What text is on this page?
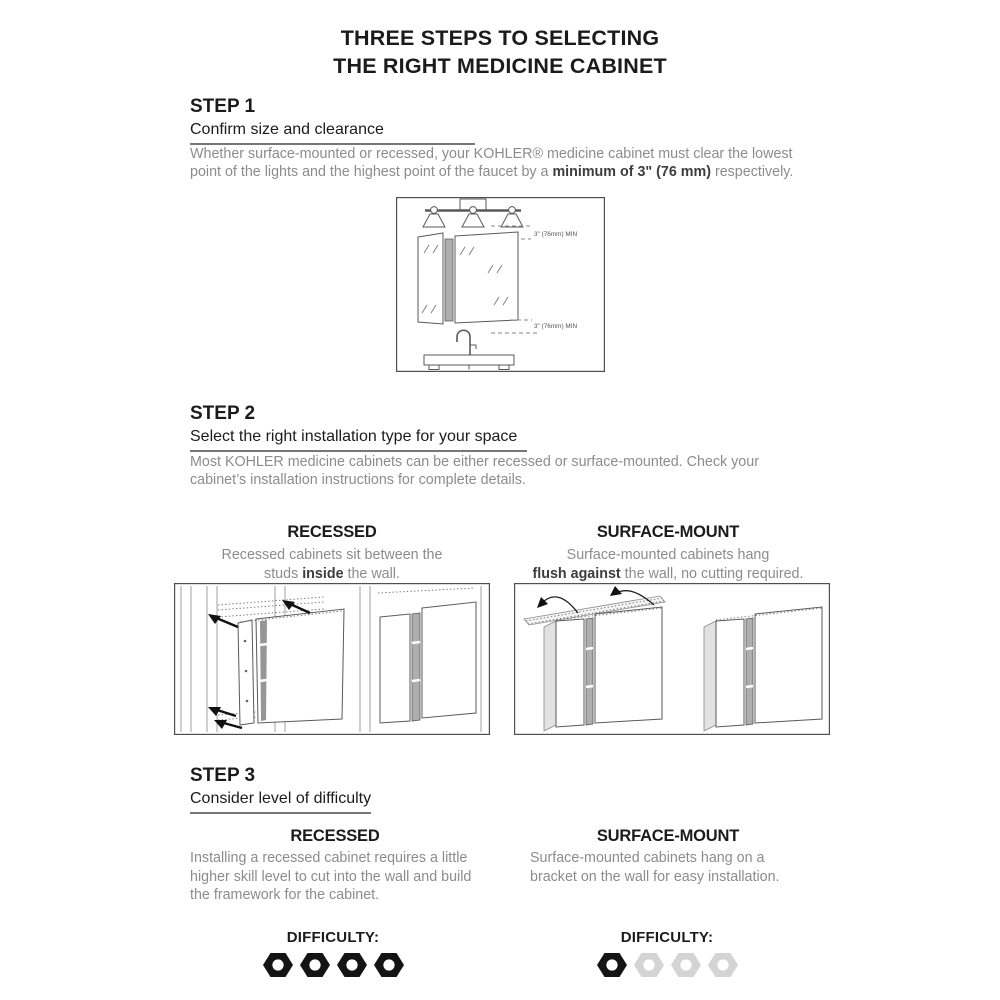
THREE STEPS TO SELECTING
THE RIGHT MEDICINE CABINET
STEP 1
Confirm size and clearance

Whether surface-mounted or recessed, your KOHLER® medicine cabinet must clear the lowest point of the lights and the highest point of the faucet by a minimum of 3" (76 mm) respectively.

3" (76mm) MIN
3" (76mm) MIN
STEP 2
Select the right installation type for your space

Most KOHLER medicine cabinets can be either recessed or surface-mounted. Check your cabinet’s installation instructions for complete details.

RECESSED	SURFACE-MOUNT
Recessed cabinets sit between the
studs inside the wall.
Surface-mounted cabinets hang
flush against the wall, no cutting required.
STEP 3
Consider level of difficulty
RECESSED	SURFACE-MOUNT
Installing a recessed cabinet requires a little higher skill level to cut into the wall and build the framework for the cabinet.
Surface-mounted cabinets hang on a bracket on the wall for easy installation.
DIFFICULTY:	DIFFICULTY:
